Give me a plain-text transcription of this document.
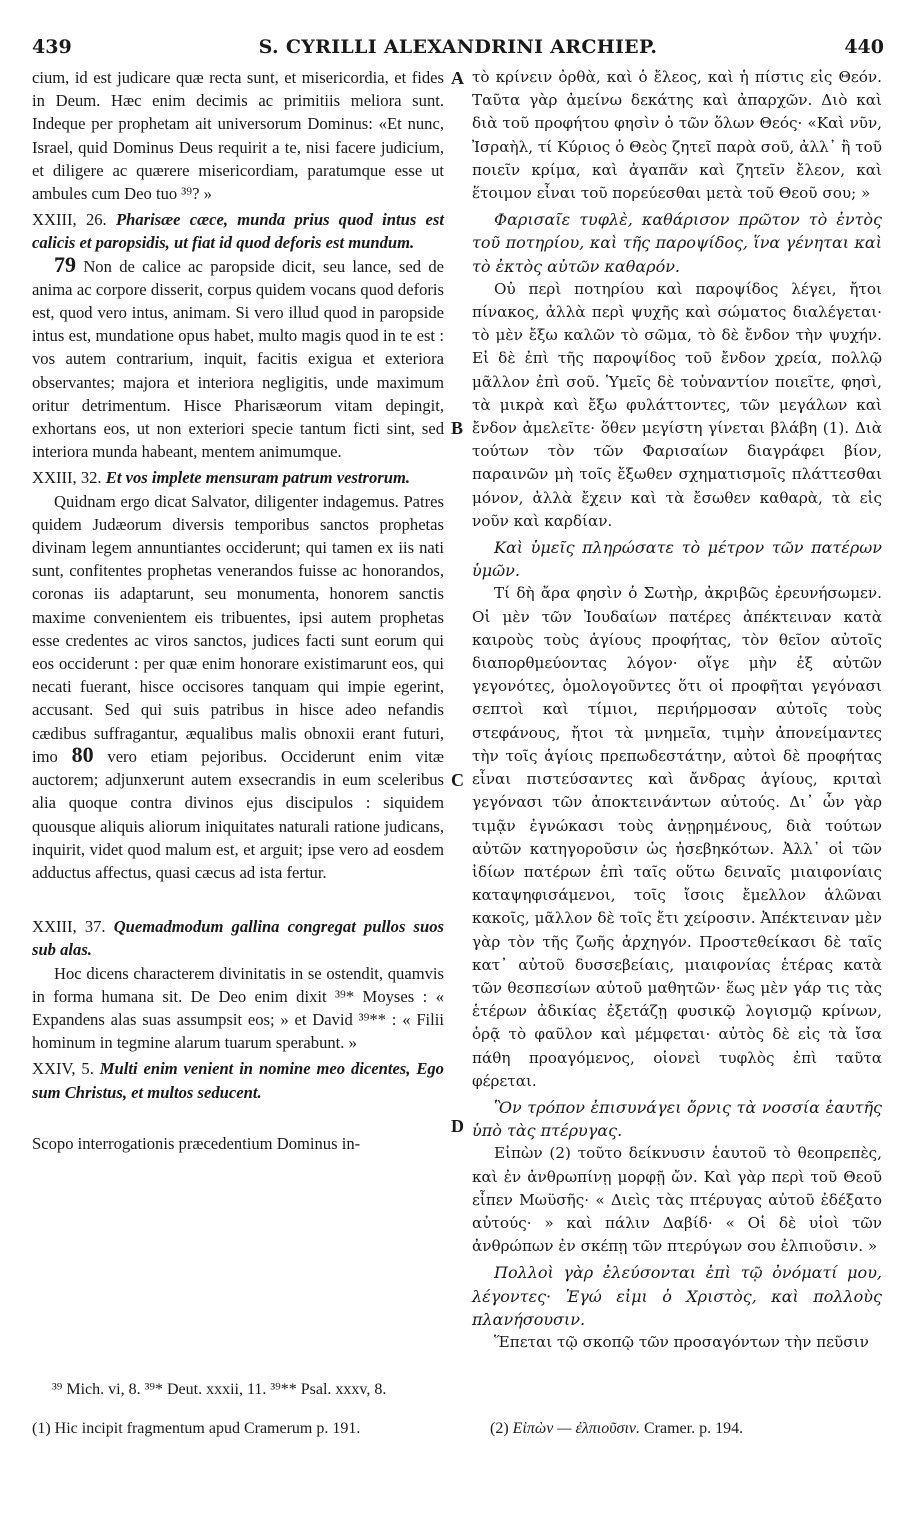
439	S. CYRILLI ALEXANDRINI ARCHIEP.	440
A
B
C
D

cium, id est judicare quæ recta sunt, et misericordia, et fides in Deum. Hæc enim decimis ac primitiis meliora sunt. Indeque per prophetam ait universorum Dominus: «Et nunc, Israel, quid Dominus Deus requirit a te, nisi facere judicium, et diligere ac quærere misericordiam, paratumque esse ut ambules cum Deo tuo ³⁹? »

XXIII, 26. Pharisæe cæce, munda prius quod intus est calicis et paropsidis, ut fiat id quod deforis est mundum.

79 Non de calice ac paropside dicit, seu lance, sed de anima ac corpore disserit, corpus quidem vocans quod deforis est, quod vero intus, animam. Si vero illud quod in paropside intus est, mundatione opus habet, multo magis quod in te est : vos autem contrarium, inquit, facitis exigua et exteriora observantes; majora et interiora negligitis, unde maximum oritur detrimentum. Hisce Pharisæorum vitam depingit, exhortans eos, ut non exteriori specie tantum ficti sint, sed interiora munda habeant, mentem animumque.

XXIII, 32. Et vos implete mensuram patrum vestrorum.

Quidnam ergo dicat Salvator, diligenter indagemus. Patres quidem Judæorum diversis temporibus sanctos prophetas divinam legem annuntiantes occiderunt; qui tamen ex iis nati sunt, confitentes prophetas venerandos fuisse ac honorandos, coronas iis adaptarunt, seu monumenta, honorem sanctis maxime convenientem eis tribuentes, ipsi autem prophetas esse credentes ac viros sanctos, judices facti sunt eorum qui eos occiderunt : per quæ enim honorare existimarunt eos, qui necati fuerant, hisce occisores tanquam qui impie egerint, accusant. Sed qui suis patribus in hisce adeo nefandis cædibus suffragantur, æqualibus malis obnoxii erant futuri, imo 80 vero etiam pejoribus. Occiderunt enim vitæ auctorem; adjunxerunt autem exsecrandis in eum sceleribus alia quoque contra divinos ejus discipulos : siquidem quousque aliquis aliorum iniquitates naturali ratione judicans, inquirit, videt quod malum est, et arguit; ipse vero ad eosdem adductus affectus, quasi cæcus ad ista fertur.

XXIII, 37. Quemadmodum gallina congregat pullos suos sub alas.

Hoc dicens characterem divinitatis in se ostendit, quamvis in forma humana sit. De Deo enim dixit ³⁹* Moyses : « Expandens alas suas assumpsit eos; » et David ³⁹** : « Filii hominum in tegmine alarum tuarum sperabunt. »

XXIV, 5. Multi enim venient in nomine meo dicentes, Ego sum Christus, et multos seducent.

Scopo interrogationis præcedentium Dominus in-

τὸ κρίνειν ὀρθὰ, καὶ ὁ ἔλεος, καὶ ἡ πίστις εἰς Θεόν. Ταῦτα γὰρ ἀμείνω δεκάτης καὶ ἀπαρχῶν. Διὸ καὶ διὰ τοῦ προφήτου φησὶν ὁ τῶν ὅλων Θεός· «Καὶ νῦν, Ἰσραὴλ, τί Κύριος ὁ Θεὸς ζητεῖ παρὰ σοῦ, ἀλλ᾽ ἢ τοῦ ποιεῖν κρίμα, καὶ ἀγαπᾶν καὶ ζητεῖν ἔλεον, καὶ ἕτοιμον εἶναι τοῦ πορεύεσθαι μετὰ τοῦ Θεοῦ σου; »

Φαρισαῖε τυφλὲ, καθάρισον πρῶτον τὸ ἐντὸς τοῦ ποτηρίου, καὶ τῆς παροψίδος, ἵνα γένηται καὶ τὸ ἐκτὸς αὐτῶν καθαρόν.

Οὐ περὶ ποτηρίου καὶ παροψίδος λέγει, ἤτοι πίνακος, ἀλλὰ περὶ ψυχῆς καὶ σώματος διαλέγεται· τὸ μὲν ἔξω καλῶν τὸ σῶμα, τὸ δὲ ἔνδον τὴν ψυχήν. Εἰ δὲ ἐπὶ τῆς παροψίδος τοῦ ἔνδον χρεία, πολλῷ μᾶλλον ἐπὶ σοῦ. Ὑμεῖς δὲ τοὐναντίον ποιεῖτε, φησὶ, τὰ μικρὰ καὶ ἔξω φυλάττοντες, τῶν μεγάλων καὶ ἔνδον ἀμελεῖτε· ὅθεν μεγίστη γίνεται βλάβη (1). Διὰ τούτων τὸν τῶν Φαρισαίων διαγράφει βίον, παραινῶν μὴ τοῖς ἔξωθεν σχηματισμοῖς πλάττεσθαι μόνον, ἀλλὰ ἔχειν καὶ τὰ ἔσωθεν καθαρὰ, τὰ εἰς νοῦν καὶ καρδίαν.

Καὶ ὑμεῖς πληρώσατε τὸ μέτρον τῶν πατέρων ὑμῶν.

Τί δὴ ἄρα φησὶν ὁ Σωτὴρ, ἀκριβῶς ἐρευνήσωμεν. Οἱ μὲν τῶν Ἰουδαίων πατέρες ἀπέκτειναν κατὰ καιροὺς τοὺς ἁγίους προφήτας, τὸν θεῖον αὐτοῖς διαπορθμεύοντας λόγον· οἵγε μὴν ἐξ αὐτῶν γεγονότες, ὁμολογοῦντες ὅτι οἱ προφῆται γεγόνασι σεπτοὶ καὶ τίμιοι, περιήρμοσαν αὐτοῖς τοὺς στεφάνους, ἤτοι τὰ μνημεῖα, τιμὴν ἀπονείμαντες τὴν τοῖς ἁγίοις πρεπωδεστάτην, αὐτοὶ δὲ προφήτας εἶναι πιστεύσαντες καὶ ἄνδρας ἁγίους, κριταὶ γεγόνασι τῶν ἀποκτεινάντων αὐτούς. Δι᾽ ὧν γὰρ τιμᾷν ἐγνώκασι τοὺς ἀνῃρημένους, διὰ τούτων αὐτῶν κατηγοροῦσιν ὡς ἠσεβηκότων. Ἀλλ᾽ οἱ τῶν ἰδίων πατέρων ἐπὶ ταῖς οὕτω δειναῖς μιαιφονίαις καταψηφισάμενοι, τοῖς ἴσοις ἔμελλον ἁλῶναι κακοῖς, μᾶλλον δὲ τοῖς ἔτι χείροσιν. Ἀπέκτειναν μὲν γὰρ τὸν τῆς ζωῆς ἀρχηγόν. Προστεθείκασι δὲ ταῖς κατ᾽ αὐτοῦ δυσσεβείαις, μιαιφονίας ἑτέρας κατὰ τῶν θεσπεσίων αὐτοῦ μαθητῶν· ἕως μὲν γάρ τις τὰς ἑτέρων ἀδικίας ἐξετάζῃ φυσικῷ λογισμῷ κρίνων, ὁρᾷ τὸ φαῦλον καὶ μέμφεται· αὐτὸς δὲ εἰς τὰ ἴσα πάθη προαγόμενος, οἱονεὶ τυφλὸς ἐπὶ ταῦτα φέρεται.

Ὃν τρόπον ἐπισυνάγει ὄρνις τὰ νοσσία ἑαυτῆς ὑπὸ τὰς πτέρυγας.

Εἰπὼν (2) τοῦτο δείκνυσιν ἑαυτοῦ τὸ θεοπρεπὲς, καὶ ἐν ἀνθρωπίνῃ μορφῇ ὤν. Καὶ γὰρ περὶ τοῦ Θεοῦ εἶπεν Μωϋσῆς· « Διεὶς τὰς πτέρυγας αὐτοῦ ἐδέξατο αὐτούς· » καὶ πάλιν Δαβίδ· « Οἱ δὲ υἱοὶ τῶν ἀνθρώπων ἐν σκέπῃ τῶν πτερύγων σου ἐλπιοῦσιν. »

Πολλοὶ γὰρ ἐλεύσονται ἐπὶ τῷ ὀνόματί μου, λέγοντες· Ἐγώ εἰμι ὁ Χριστὸς, καὶ πολλοὺς πλανήσουσιν.

Ἕπεται τῷ σκοπῷ τῶν προσαγόντων τὴν πεῦσιν

³⁹ Mich. vi, 8. ³⁹* Deut. xxxii, 11. ³⁹** Psal. xxxv, 8.
(1) Hic incipit fragmentum apud Cramerum p. 191.	(2) Εἰπὼν — ἐλπιοῦσιν. Cramer. p. 194.
